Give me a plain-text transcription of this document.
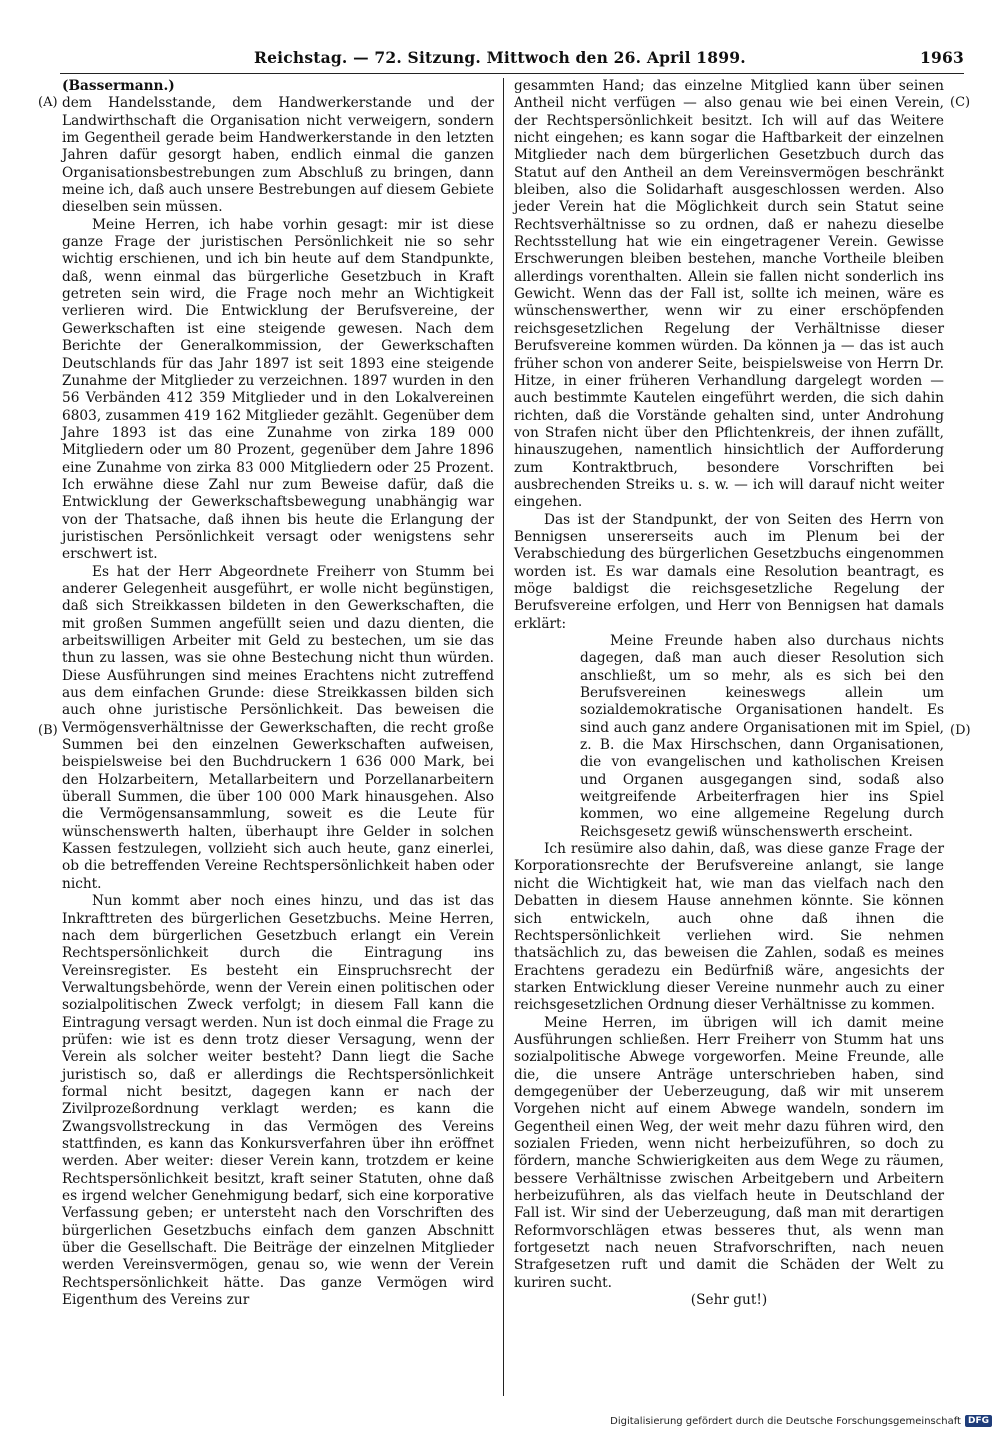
Reichstag. — 72. Sitzung. Mittwoch den 26. April 1899.	1963
(A)
(B)
(C)
(D)

(Bassermann.)

dem Handelsstande, dem Handwerkerstande und der Landwirthschaft die Organisation nicht verweigern, sondern im Gegentheil gerade beim Handwerkerstande in den letzten Jahren dafür gesorgt haben, endlich einmal die ganzen Organisationsbestrebungen zum Abschluß zu bringen, dann meine ich, daß auch unsere Bestrebungen auf diesem Gebiete dieselben sein müssen.

Meine Herren, ich habe vorhin gesagt: mir ist diese ganze Frage der juristischen Persönlichkeit nie so sehr wichtig erschienen, und ich bin heute auf dem Standpunkte, daß, wenn einmal das bürgerliche Gesetzbuch in Kraft getreten sein wird, die Frage noch mehr an Wichtigkeit verlieren wird. Die Entwicklung der Berufsvereine, der Gewerkschaften ist eine steigende gewesen. Nach dem Berichte der Generalkommission, der Gewerkschaften Deutschlands für das Jahr 1897 ist seit 1893 eine steigende Zunahme der Mitglieder zu verzeichnen. 1897 wurden in den 56 Verbänden 412 359 Mitglieder und in den Lokalvereinen 6803, zusammen 419 162 Mitglieder gezählt. Gegenüber dem Jahre 1893 ist das eine Zunahme von zirka 189 000 Mitgliedern oder um 80 Prozent, gegenüber dem Jahre 1896 eine Zunahme von zirka 83 000 Mitgliedern oder 25 Prozent. Ich erwähne diese Zahl nur zum Beweise dafür, daß die Entwicklung der Gewerkschaftsbewegung unabhängig war von der Thatsache, daß ihnen bis heute die Erlangung der juristischen Persönlichkeit versagt oder wenigstens sehr erschwert ist.

Es hat der Herr Abgeordnete Freiherr von Stumm bei anderer Gelegenheit ausgeführt, er wolle nicht begünstigen, daß sich Streikkassen bildeten in den Gewerkschaften, die mit großen Summen angefüllt seien und dazu dienten, die arbeitswilligen Arbeiter mit Geld zu bestechen, um sie das thun zu lassen, was sie ohne Bestechung nicht thun würden. Diese Ausführungen sind meines Erachtens nicht zutreffend aus dem einfachen Grunde: diese Streikkassen bilden sich auch ohne juristische Persönlichkeit. Das beweisen die Vermögensverhältnisse der Gewerkschaften, die recht große Summen bei den einzelnen Gewerkschaften aufweisen, beispielsweise bei den Buchdruckern 1 636 000 Mark, bei den Holzarbeitern, Metallarbeitern und Porzellanarbeitern überall Summen, die über 100 000 Mark hinausgehen. Also die Vermögensansammlung, soweit es die Leute für wünschenswerth halten, überhaupt ihre Gelder in solchen Kassen festzulegen, vollzieht sich auch heute, ganz einerlei, ob die betreffenden Vereine Rechtspersönlichkeit haben oder nicht.

Nun kommt aber noch eines hinzu, und das ist das Inkrafttreten des bürgerlichen Gesetzbuchs. Meine Herren, nach dem bürgerlichen Gesetzbuch erlangt ein Verein Rechtspersönlichkeit durch die Eintragung ins Vereinsregister. Es besteht ein Einspruchsrecht der Verwaltungsbehörde, wenn der Verein einen politischen oder sozialpolitischen Zweck verfolgt; in diesem Fall kann die Eintragung versagt werden. Nun ist doch einmal die Frage zu prüfen: wie ist es denn trotz dieser Versagung, wenn der Verein als solcher weiter besteht? Dann liegt die Sache juristisch so, daß er allerdings die Rechtspersönlichkeit formal nicht besitzt, dagegen kann er nach der Zivilprozeßordnung verklagt werden; es kann die Zwangsvollstreckung in das Vermögen des Vereins stattfinden, es kann das Konkursverfahren über ihn eröffnet werden. Aber weiter: dieser Verein kann, trotzdem er keine Rechtspersönlichkeit besitzt, kraft seiner Statuten, ohne daß es irgend welcher Genehmigung bedarf, sich eine korporative Verfassung geben; er untersteht nach den Vorschriften des bürgerlichen Gesetzbuchs einfach dem ganzen Abschnitt über die Gesellschaft. Die Beiträge der einzelnen Mitglieder werden Vereinsvermögen, genau so, wie wenn der Verein Rechtspersönlichkeit hätte. Das ganze Vermögen wird Eigenthum des Vereins zur

gesammten Hand; das einzelne Mitglied kann über seinen Antheil nicht verfügen — also genau wie bei einen Verein, der Rechtspersönlichkeit besitzt. Ich will auf das Weitere nicht eingehen; es kann sogar die Haftbarkeit der einzelnen Mitglieder nach dem bürgerlichen Gesetzbuch durch das Statut auf den Antheil an dem Vereinsvermögen beschränkt bleiben, also die Solidarhaft ausgeschlossen werden. Also jeder Verein hat die Möglichkeit durch sein Statut seine Rechtsverhältnisse so zu ordnen, daß er nahezu dieselbe Rechtsstellung hat wie ein eingetragener Verein. Gewisse Erschwerungen bleiben bestehen, manche Vortheile bleiben allerdings vorenthalten. Allein sie fallen nicht sonderlich ins Gewicht. Wenn das der Fall ist, sollte ich meinen, wäre es wünschenswerther, wenn wir zu einer erschöpfenden reichsgesetzlichen Regelung der Verhältnisse dieser Berufsvereine kommen würden. Da können ja — das ist auch früher schon von anderer Seite, beispielsweise von Herrn Dr. Hitze, in einer früheren Verhandlung dargelegt worden — auch bestimmte Kautelen eingeführt werden, die sich dahin richten, daß die Vorstände gehalten sind, unter Androhung von Strafen nicht über den Pflichtenkreis, der ihnen zufällt, hinauszugehen, namentlich hinsichtlich der Aufforderung zum Kontraktbruch, besondere Vorschriften bei ausbrechenden Streiks u. s. w. — ich will darauf nicht weiter eingehen.

Das ist der Standpunkt, der von Seiten des Herrn von Bennigsen unsererseits auch im Plenum bei der Verabschiedung des bürgerlichen Gesetzbuchs eingenommen worden ist. Es war damals eine Resolution beantragt, es möge baldigst die reichsgesetzliche Regelung der Berufsvereine erfolgen, und Herr von Bennigsen hat damals erklärt:

Meine Freunde haben also durchaus nichts dagegen, daß man auch dieser Resolution sich anschließt, um so mehr, als es sich bei den Berufsvereinen keineswegs allein um sozialdemokratische Organisationen handelt. Es sind auch ganz andere Organisationen mit im Spiel, z. B. die Max Hirschschen, dann Organisationen, die von evangelischen und katholischen Kreisen und Organen ausgegangen sind, sodaß also weitgreifende Arbeiterfragen hier ins Spiel kommen, wo eine allgemeine Regelung durch Reichsgesetz gewiß wünschenswerth erscheint.

Ich resümire also dahin, daß, was diese ganze Frage der Korporationsrechte der Berufsvereine anlangt, sie lange nicht die Wichtigkeit hat, wie man das vielfach nach den Debatten in diesem Hause annehmen könnte. Sie können sich entwickeln, auch ohne daß ihnen die Rechtspersönlichkeit verliehen wird. Sie nehmen thatsächlich zu, das beweisen die Zahlen, sodaß es meines Erachtens geradezu ein Bedürfniß wäre, angesichts der starken Entwicklung dieser Vereine nunmehr auch zu einer reichsgesetzlichen Ordnung dieser Verhältnisse zu kommen.

Meine Herren, im übrigen will ich damit meine Ausführungen schließen. Herr Freiherr von Stumm hat uns sozialpolitische Abwege vorgeworfen. Meine Freunde, alle die, die unsere Anträge unterschrieben haben, sind demgegenüber der Ueberzeugung, daß wir mit unserem Vorgehen nicht auf einem Abwege wandeln, sondern im Gegentheil einen Weg, der weit mehr dazu führen wird, den sozialen Frieden, wenn nicht herbeizuführen, so doch zu fördern, manche Schwierigkeiten aus dem Wege zu räumen, bessere Verhältnisse zwischen Arbeitgebern und Arbeitern herbeizuführen, als das vielfach heute in Deutschland der Fall ist. Wir sind der Ueberzeugung, daß man mit derartigen Reformvorschlägen etwas besseres thut, als wenn man fortgesetzt nach neuen Strafvorschriften, nach neuen Strafgesetzen ruft und damit die Schäden der Welt zu kuriren sucht.

(Sehr gut!)

Digitalisierung gefördert durch die Deutsche Forschungsgemeinschaft DFG
